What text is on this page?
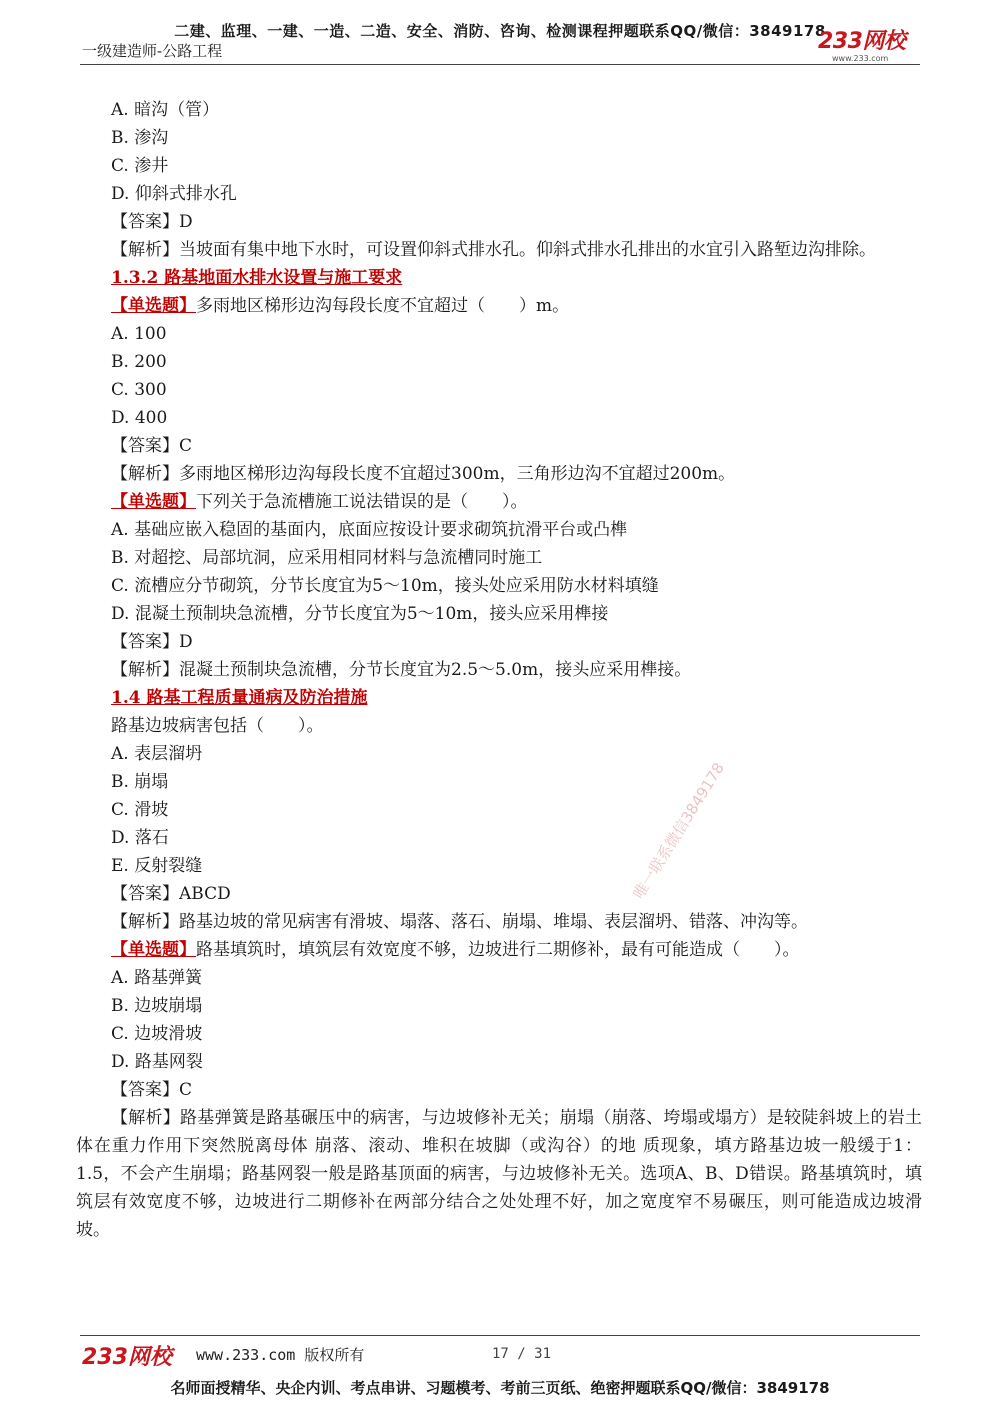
二建、监理、一建、一造、二造、安全、消防、咨询、检测课程押题联系QQ/微信：3849178
一级建造师-公路工程	233网校
www.233.com
唯一联系微信3849178
A. 暗沟（管）
B. 渗沟
C. 渗井
D. 仰斜式排水孔
【答案】D
【解析】当坡面有集中地下水时，可设置仰斜式排水孔。仰斜式排水孔排出的水宜引入路堑边沟排除。
1.3.2 路基地面水排水设置与施工要求
【单选题】多雨地区梯形边沟每段长度不宜超过（　　）m。
A. 100
B. 200
C. 300
D. 400
【答案】C
【解析】多雨地区梯形边沟每段长度不宜超过300m，三角形边沟不宜超过200m。
【单选题】下列关于急流槽施工说法错误的是（　　）。
A. 基础应嵌入稳固的基面内，底面应按设计要求砌筑抗滑平台或凸榫
B. 对超挖、局部坑洞，应采用相同材料与急流槽同时施工
C. 流槽应分节砌筑，分节长度宜为5～10m，接头处应采用防水材料填缝
D. 混凝土预制块急流槽，分节长度宜为5～10m，接头应采用榫接
【答案】D
【解析】混凝土预制块急流槽，分节长度宜为2.5～5.0m，接头应采用榫接。
1.4 路基工程质量通病及防治措施
路基边坡病害包括（　　）。
A. 表层溜坍
B. 崩塌
C. 滑坡
D. 落石
E. 反射裂缝
【答案】ABCD
【解析】路基边坡的常见病害有滑坡、塌落、落石、崩塌、堆塌、表层溜坍、错落、冲沟等。
【单选题】路基填筑时，填筑层有效宽度不够，边坡进行二期修补，最有可能造成（　　）。
A. 路基弹簧
B. 边坡崩塌
C. 边坡滑坡
D. 路基网裂
【答案】C
【解析】路基弹簧是路基碾压中的病害，与边坡修补无关；崩塌（崩落、垮塌或塌方）是较陡斜坡上的岩土体在重力作用下突然脱离母体 崩落、滚动、堆积在坡脚（或沟谷）的地 质现象，填方路基边坡一般缓于1：1.5，不会产生崩塌；路基网裂一般是路基顶面的病害，与边坡修补无关。选项A、B、D错误。路基填筑时，填筑层有效宽度不够，边坡进行二期修补在两部分结合之处处理不好，加之宽度窄不易碾压，则可能造成边坡滑坡。
233网校 www.233.com 版权所有	17 / 31
名师面授精华、央企内训、考点串讲、习题模考、考前三页纸、绝密押题联系QQ/微信：3849178
